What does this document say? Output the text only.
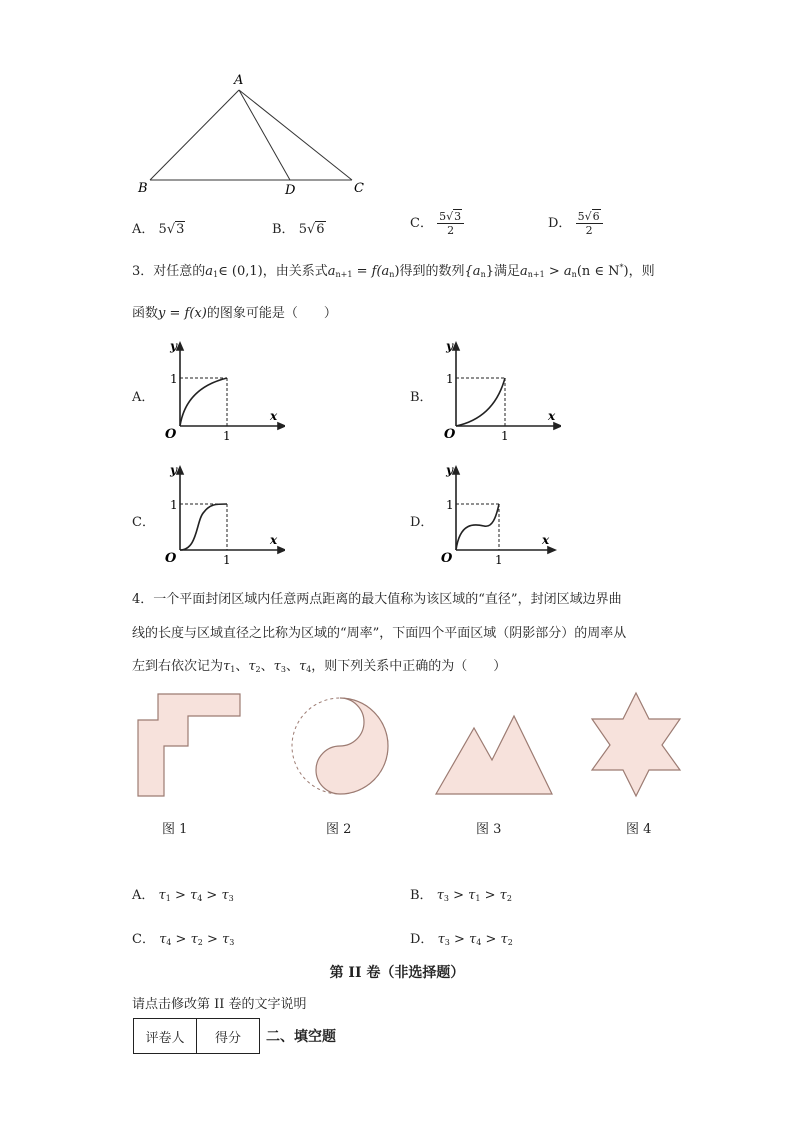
A
B	D	C
A． 5√3	B． 5√6	C． $\frac{5√3}{2}$	D． $\frac{5√6}{2}$
3．对任意的$a_1\in$ (0,1)，由关系式$a_{n+1} = f(a_n)$得到的数列$\{a_n\}$满足$a_{n+1} > a_n(n$ ∈ N*)，则
函数y = f(x)的图象可能是（　　）
A．	B．
C．	D．
y
x
O	1
1
y
x
O	1
1
y
x
O	1
1
y
x
O	1
1
4．一个平面封闭区域内任意两点距离的最大值称为该区域的“直径”，封闭区域边界曲
线的长度与区域直径之比称为区域的“周率”，下面四个平面区域（阴影部分）的周率从
左到右依次记为$\tau_1$、$\tau_2$、$\tau_3$、$\tau_4$，则下列关系中正确的为（　　）
图 1	图 2	图 3	图 4
A． $\tau_1 > \tau_4 > \tau_3$	B． $\tau_3 > \tau_1 > \tau_2$
C． $\tau_4 > \tau_2 > \tau_3$	D． $\tau_3 > \tau_4 > \tau_2$
第 II 卷（非选择题）
请点击修改第 II 卷的文字说明
评卷人	得分 二、填空题
